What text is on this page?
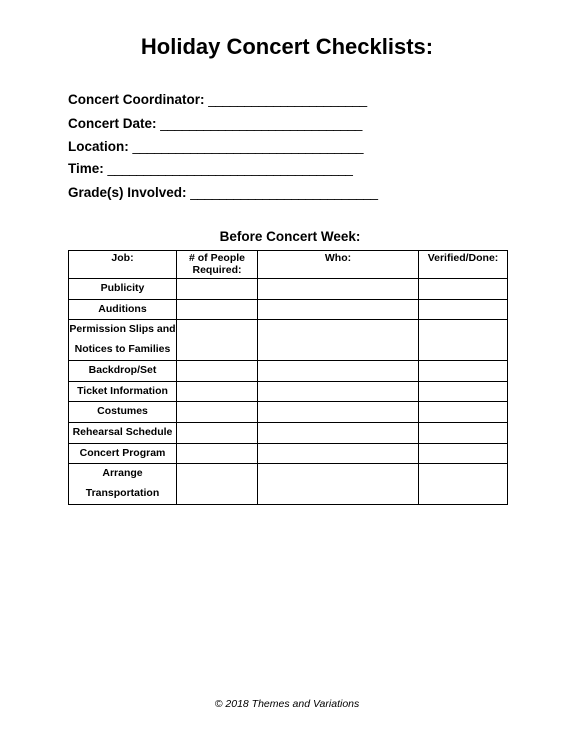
Holiday Concert Checklists:
Concert Coordinator: ______________________
Concert Date: ____________________________
Location: ________________________________
Time: __________________________________
Grade(s) Involved: __________________________
Before Concert Week:
Job:	# of People Required:	Who:	Verified/Done:
Publicity			
Auditions			
Permission Slips and Notices to Families			
Backdrop/Set			
Ticket Information			
Costumes			
Rehearsal Schedule			
Concert Program			
Arrange Transportation			
© 2018 Themes and Variations
